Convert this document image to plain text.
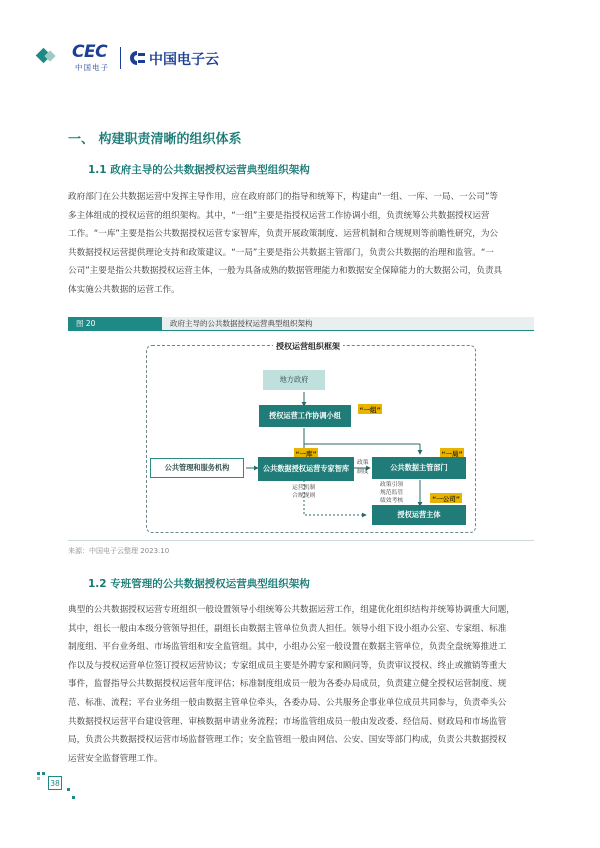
CEC
中国电子	中国电子云
一、 构建职责清晰的组织体系
1.1 政府主导的公共数据授权运营典型组织架构
政府部门在公共数据运营中发挥主导作用，应在政府部门的指导和统筹下，构建由“一组、一库、一局、一公司”等
多主体组成的授权运营的组织架构。其中，“一组”主要是指授权运营工作协调小组，负责统筹公共数据授权运营
工作。“一库”主要是指公共数据授权运营专家智库，负责开展政策制度、运营机制和合规规则等前瞻性研究，为公
共数据授权运营提供理论支持和政策建议。“一局”主要是指公共数据主管部门，负责公共数据的治理和监管。“一
公司”主要是指公共数据授权运营主体，一般为具备成熟的数据管理能力和数据安全保障能力的大数据公司，负责具
体实施公共数据的运营工作。
图 20	政府主导的公共数据授权运营典型组织架构
授权运营组织框架
地方政府
授权运营工作协调小组
“一组”
公共管理和服务机构
“一库”
公共数据授权运营专家智库
“一局”
公共数据主管部门
政策
制度
运营机制
合规规则
政策引领
规范监管
绩效考核	“一公司”
授权运营主体
来源：中国电子云整理 2023.10
1.2 专班管理的公共数据授权运营典型组织架构
典型的公共数据授权运营专班组织一般设置领导小组统筹公共数据运营工作，组建优化组织结构并统筹协调重大问题，
其中，组长一般由本级分管领导担任，副组长由数据主管单位负责人担任。领导小组下设小组办公室、专家组、标准
制度组、平台业务组、市场监管组和安全监管组。其中，小组办公室一般设置在数据主管单位，负责全盘统筹推进工
作以及与授权运营单位签订授权运营协议；专家组成员主要是外聘专家和顾问等，负责审议授权、终止或撤销等重大
事件，监督指导公共数据授权运营年度评估；标准制度组成员一般为各委办局成员，负责建立健全授权运营制度、规
范、标准、流程；平台业务组一般由数据主管单位牵头，各委办局、公共服务企事业单位成员共同参与，负责牵头公
共数据授权运营平台建设管理、审核数据申请业务流程；市场监管组成员一般由发改委、经信局、财政局和市场监管
局，负责公共数据授权运营市场监督管理工作；安全监管组一般由网信、公安、国安等部门构成，负责公共数据授权
运营安全监督管理工作。
38
